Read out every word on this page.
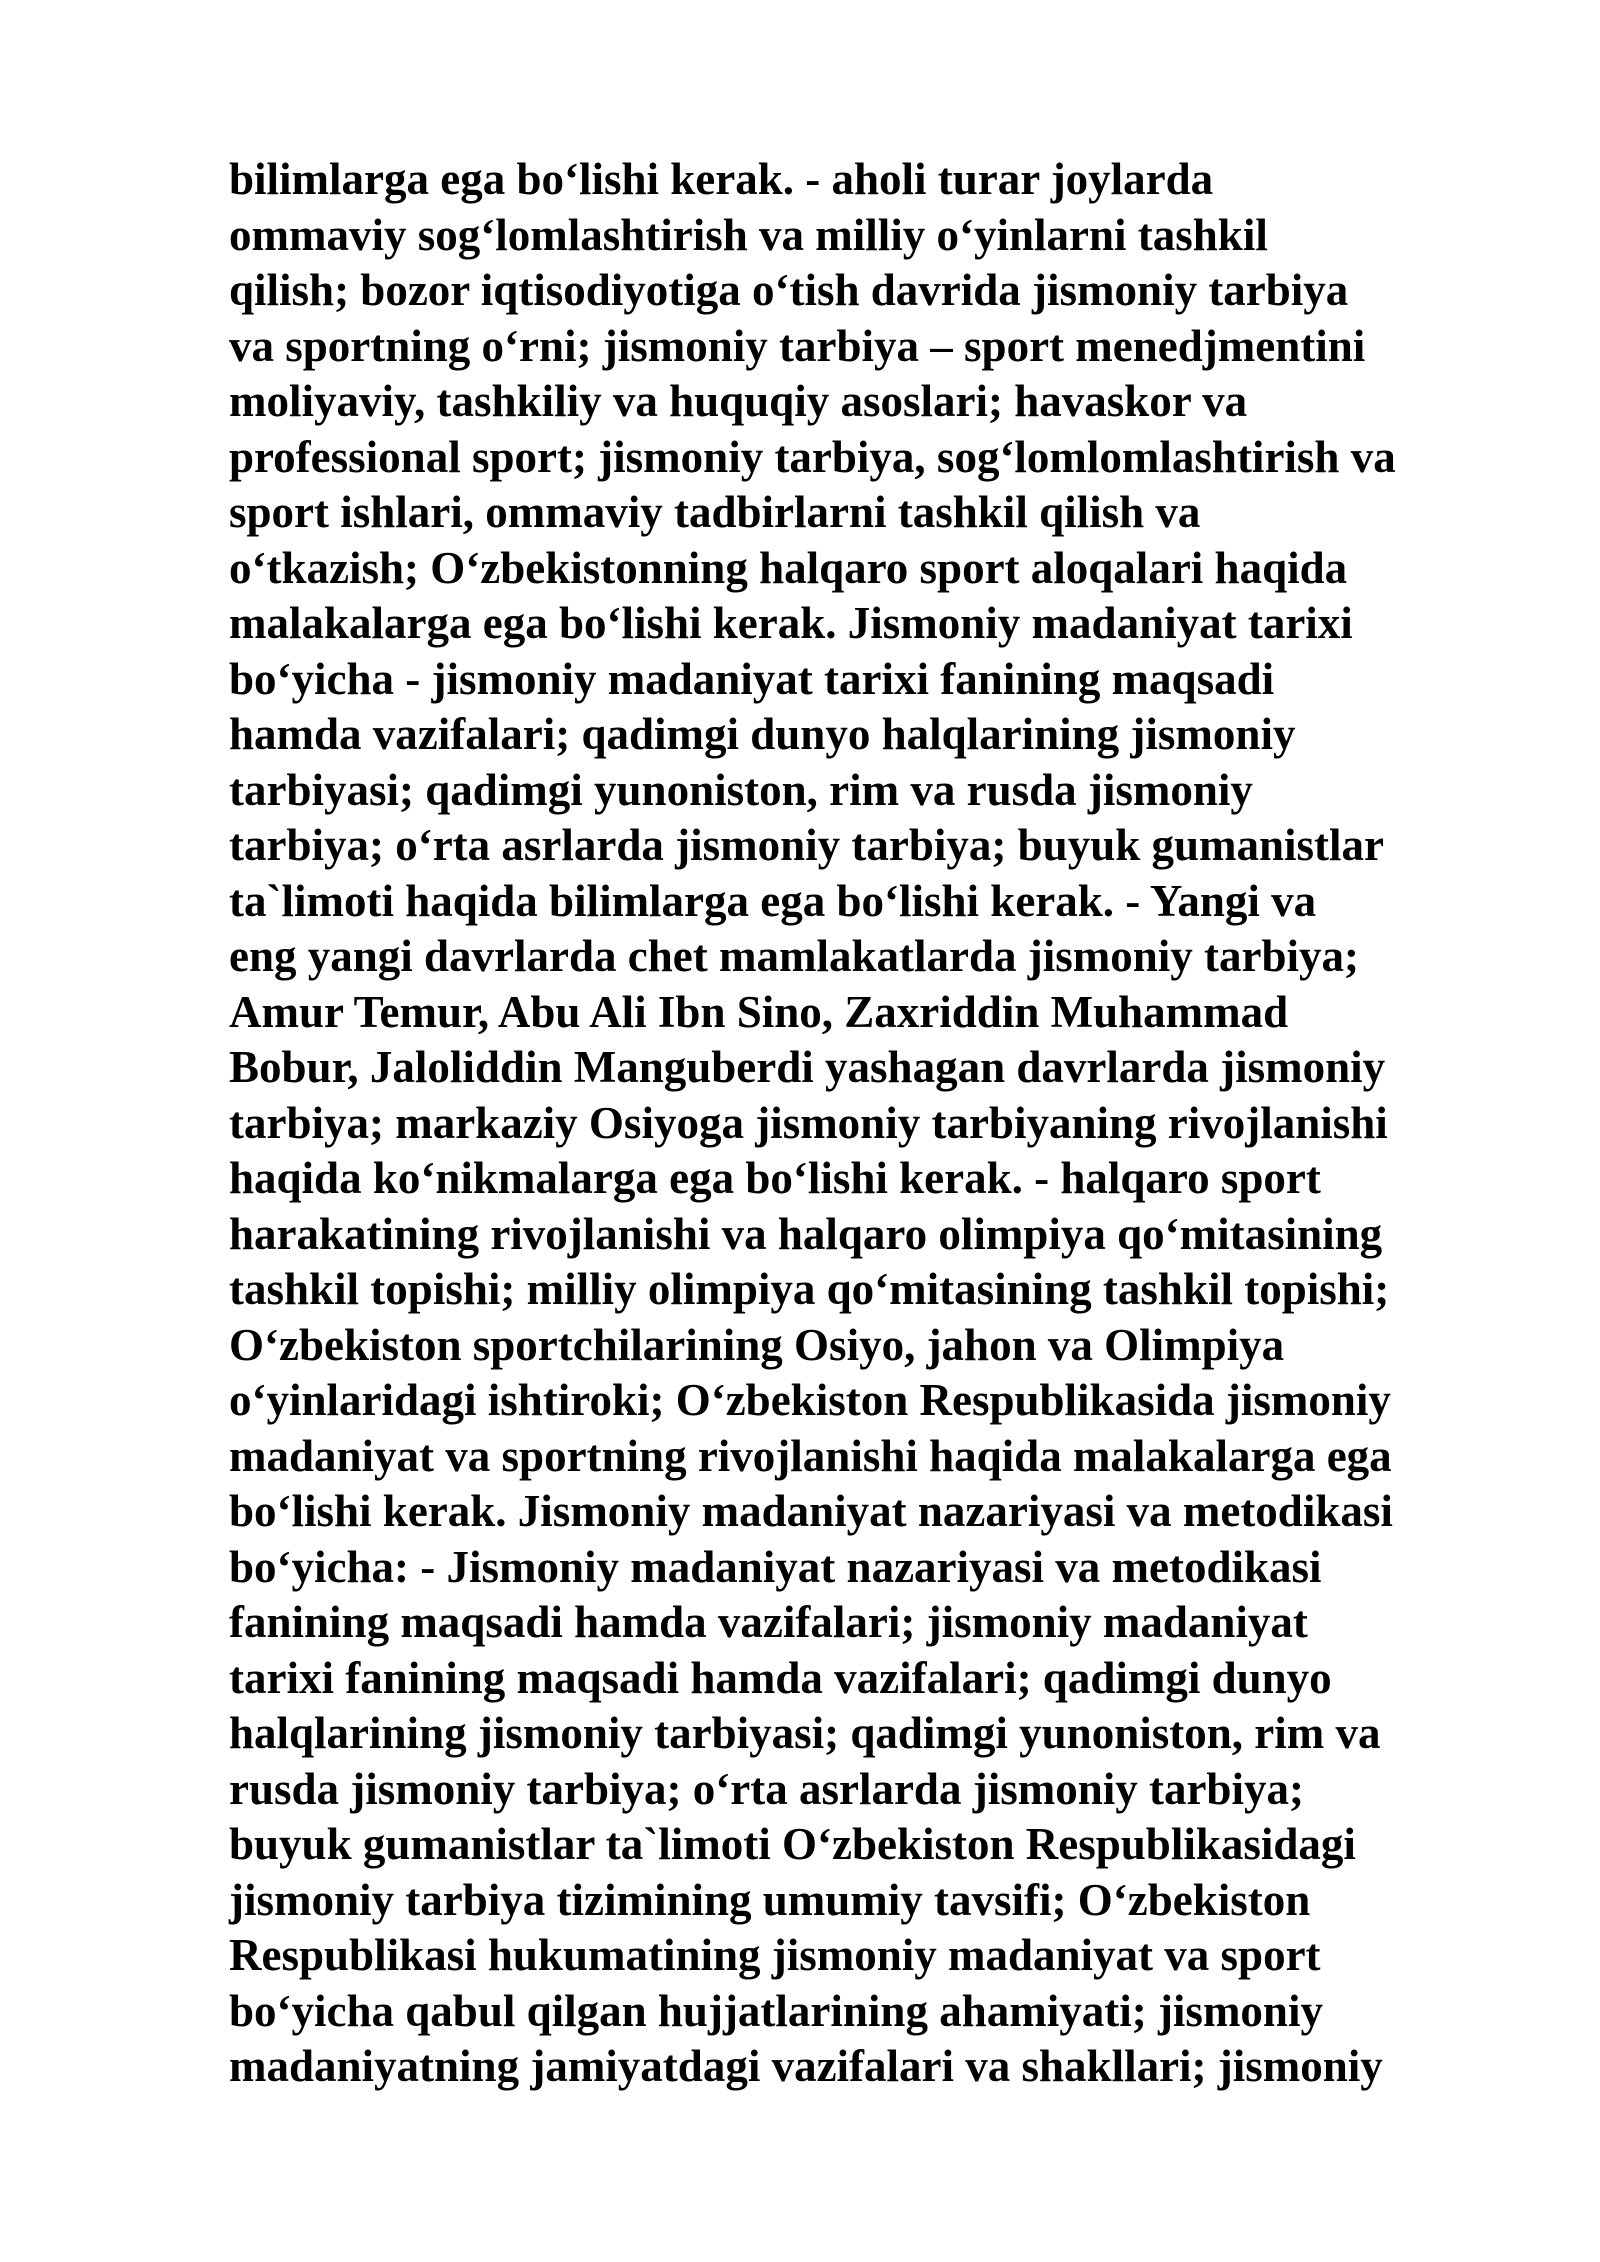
bilimlarga ega bo‘lishi kerak. - aholi turar joylarda
ommaviy sog‘lomlashtirish va milliy o‘yinlarni tashkil
qilish; bozor iqtisodiyotiga o‘tish davrida jismoniy tarbiya
va sportning o‘rni; jismoniy tarbiya – sport menedjmentini
moliyaviy, tashkiliy va huquqiy asoslari; havaskor va
professional sport; jismoniy tarbiya, sog‘lomlomlashtirish va
sport ishlari, ommaviy tadbirlarni tashkil qilish va
o‘tkazish; O‘zbekistonning halqaro sport aloqalari haqida
malakalarga ega bo‘lishi kerak. Jismoniy madaniyat tarixi
bo‘yicha - jismoniy madaniyat tarixi fanining maqsadi
hamda vazifalari; qadimgi dunyo halqlarining jismoniy
tarbiyasi; qadimgi yunoniston, rim va rusda jismoniy
tarbiya; o‘rta asrlarda jismoniy tarbiya; buyuk gumanistlar
ta`limoti haqida bilimlarga ega bo‘lishi kerak. - Yangi va
eng yangi davrlarda chet mamlakatlarda jismoniy tarbiya;
Amur Temur, Abu Ali Ibn Sino, Zaxriddin Muhammad
Bobur, Jaloliddin Manguberdi yashagan davrlarda jismoniy
tarbiya; markaziy Osiyoga jismoniy tarbiyaning rivojlanishi
haqida ko‘nikmalarga ega bo‘lishi kerak. - halqaro sport
harakatining rivojlanishi va halqaro olimpiya qo‘mitasining
tashkil topishi; milliy olimpiya qo‘mitasining tashkil topishi;
O‘zbekiston sportchilarining Osiyo, jahon va Olimpiya
o‘yinlaridagi ishtiroki; O‘zbekiston Respublikasida jismoniy
madaniyat va sportning rivojlanishi haqida malakalarga ega
bo‘lishi kerak. Jismoniy madaniyat nazariyasi va metodikasi
bo‘yicha: - Jismoniy madaniyat nazariyasi va metodikasi
fanining maqsadi hamda vazifalari; jismoniy madaniyat
tarixi fanining maqsadi hamda vazifalari; qadimgi dunyo
halqlarining jismoniy tarbiyasi; qadimgi yunoniston, rim va
rusda jismoniy tarbiya; o‘rta asrlarda jismoniy tarbiya;
buyuk gumanistlar ta`limoti O‘zbekiston Respublikasidagi
jismoniy tarbiya tizimining umumiy tavsifi; O‘zbekiston
Respublikasi hukumatining jismoniy madaniyat va sport
bo‘yicha qabul qilgan hujjatlarining ahamiyati; jismoniy
madaniyatning jamiyatdagi vazifalari va shakllari; jismoniy
